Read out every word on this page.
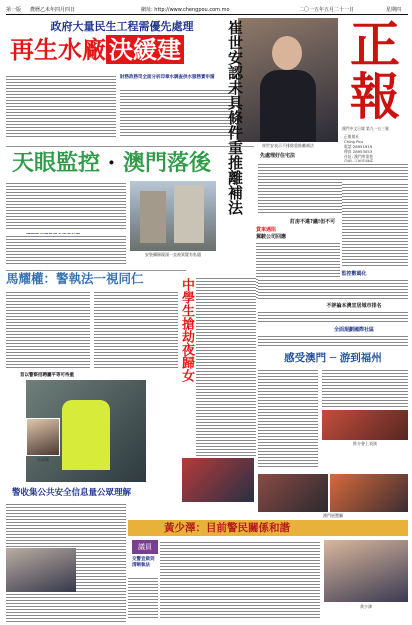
第一版 農曆乙未年四月四日	網址: http://www.chengpou.com.mo	二〇一五年五月二十一日	星期四
政府大量民生工程需優先處理
再生水廠 決緩建
財務政務司全面分析印章水調查供水服務實申請 崔世安認未具條件重推離補法	崔世安表示不排除重推離補法
正
報
澳門中文日報 第九一五三號
正報報社
Ching Pou
電話 28951919
傳真 28953053
社址: 澳門卑第巷
先處理好住宅法
訂房不違?議!但不可
天眼監控 · 澳門落後
安裝攝錄鏡頭一直被質疑有私隱
貨車遇阻
駕駛公司回應
監控數碼化
不評論本澳宜居城市排名
全面規劃國際社區
馬耀權：警執法一視同仁
首以警察招聘屬平等可待重
馬耀權
中學生搶劫夜歸女
警收集公共安全信息量公眾理解
感受澳門 ─ 游到福州
推介會上表演
澳門展覽廳
黃少澤：目前警民關係和諧
議員
交警宜做到清晰執法
黃少澤
